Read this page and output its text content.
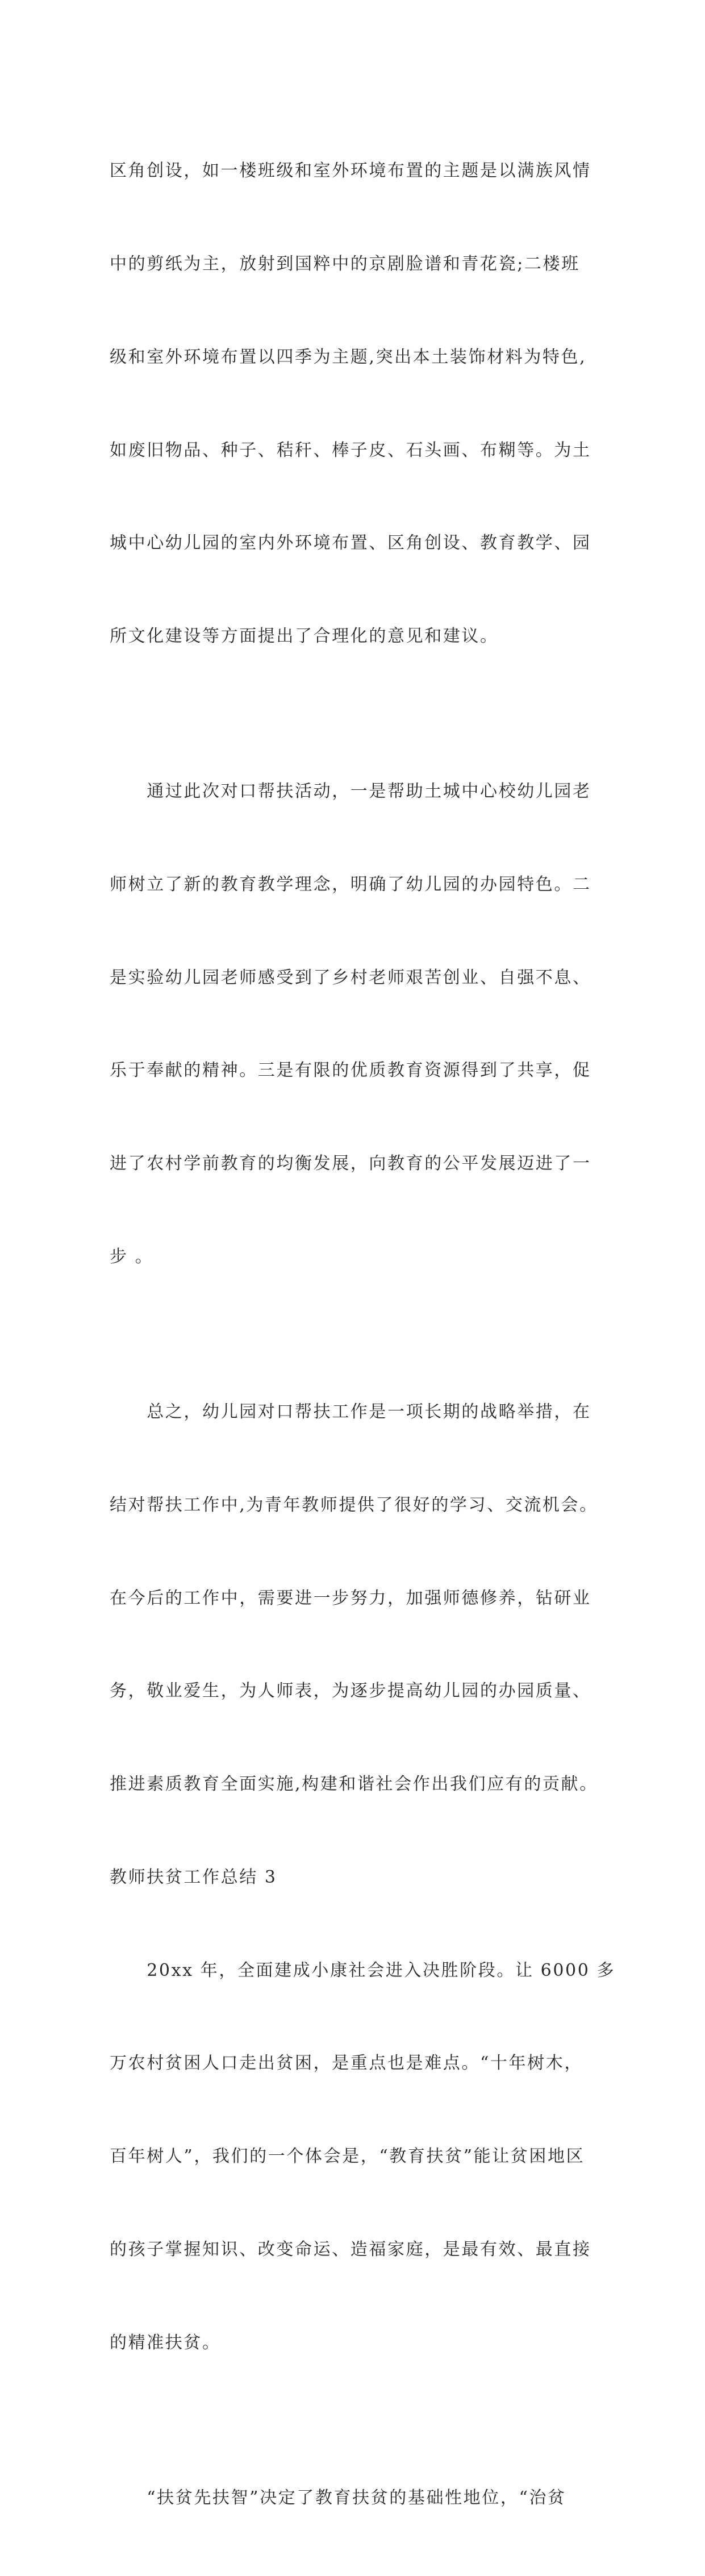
区角创设，如一楼班级和室外环境布置的主题是以满族风情

中的剪纸为主，放射到国粹中的京剧脸谱和青花瓷;二楼班

级和室外环境布置以四季为主题,突出本土装饰材料为特色,

如废旧物品、种子、秸秆、棒子皮、石头画、布糊等。为土

城中心幼儿园的室内外环境布置、区角创设、教育教学、园

所文化建设等方面提出了合理化的意见和建议。

　　通过此次对口帮扶活动，一是帮助土城中心校幼儿园老

师树立了新的教育教学理念，明确了幼儿园的办园特色。二

是实验幼儿园老师感受到了乡村老师艰苦创业、自强不息、

乐于奉献的精神。三是有限的优质教育资源得到了共享，促

进了农村学前教育的均衡发展，向教育的公平发展迈进了一

步 。

　　总之，幼儿园对口帮扶工作是一项长期的战略举措，在

结对帮扶工作中,为青年教师提供了很好的学习、交流机会。

在今后的工作中，需要进一步努力，加强师德修养，钻研业

务，敬业爱生，为人师表，为逐步提高幼儿园的办园质量、

推进素质教育全面实施,构建和谐社会作出我们应有的贡献。

教师扶贫工作总结 3

　　20xx 年，全面建成小康社会进入决胜阶段。让 6000 多

万农村贫困人口走出贫困，是重点也是难点。“十年树木，

百年树人”，我们的一个体会是，“教育扶贫”能让贫困地区

的孩子掌握知识、改变命运、造福家庭，是最有效、最直接

的精准扶贫。

　　“扶贫先扶智”决定了教育扶贫的基础性地位，“治贫
